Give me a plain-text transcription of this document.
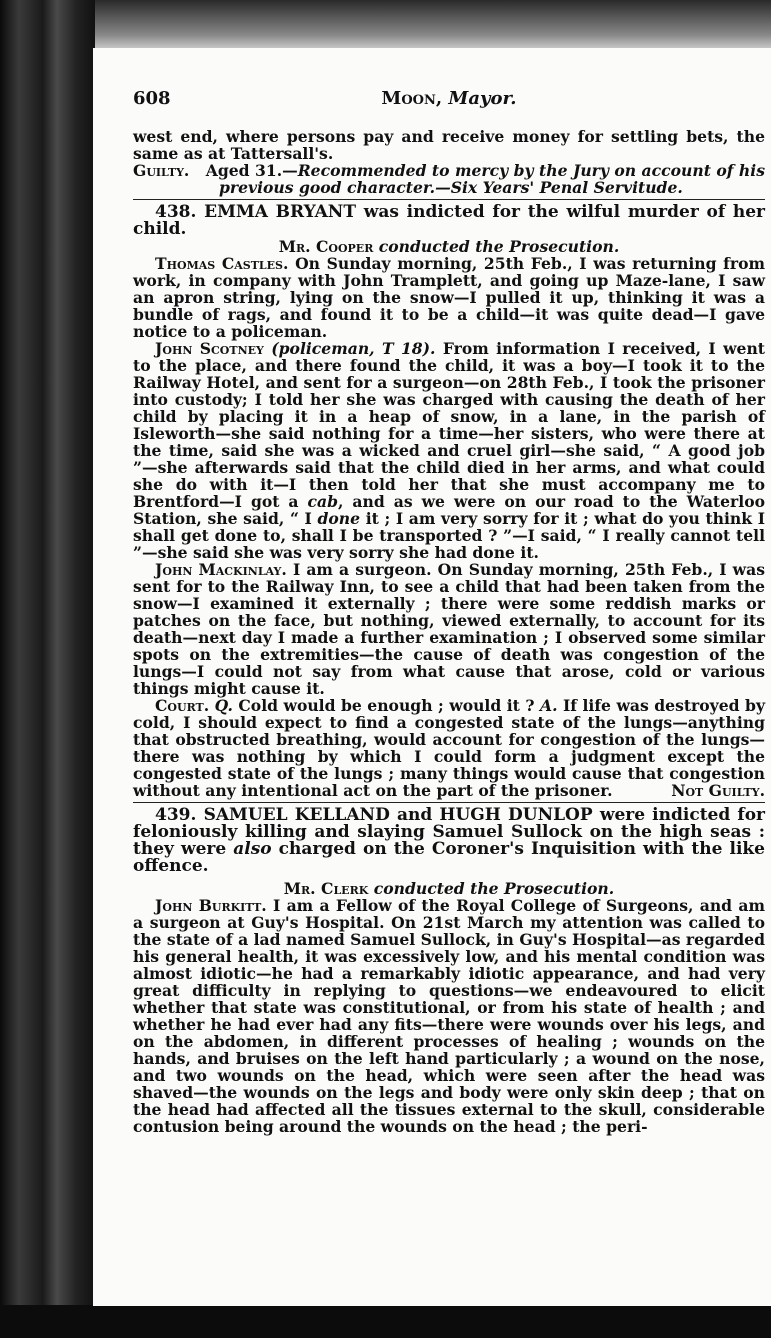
608	Moon, Mayor.

west end, where persons pay and receive money for settling bets, the same as at Tattersall's.

Guilty. Aged 31.—Recommended to mercy by the Jury on account of his previous good character.—Six Years' Penal Servitude.

438. EMMA BRYANT was indicted for the wilful murder of her child.

Mr. Cooper conducted the Prosecution.

Thomas Castles. On Sunday morning, 25th Feb., I was returning from work, in company with John Tramplett, and going up Maze-lane, I saw an apron string, lying on the snow—I pulled it up, thinking it was a bundle of rags, and found it to be a child—it was quite dead—I gave notice to a policeman.

John Scotney (policeman, T 18). From information I received, I went to the place, and there found the child, it was a boy—I took it to the Railway Hotel, and sent for a surgeon—on 28th Feb., I took the prisoner into custody; I told her she was charged with causing the death of her child by placing it in a heap of snow, in a lane, in the parish of Isleworth—she said nothing for a time—her sisters, who were there at the time, said she was a wicked and cruel girl—she said, “ A good job ”—she afterwards said that the child died in her arms, and what could she do with it—I then told her that she must accompany me to Brentford—I got a cab, and as we were on our road to the Waterloo Station, she said, “ I done it ; I am very sorry for it ; what do you think I shall get done to, shall I be transported ? ”—I said, “ I really cannot tell ”—she said she was very sorry she had done it.

John Mackinlay. I am a surgeon. On Sunday morning, 25th Feb., I was sent for to the Railway Inn, to see a child that had been taken from the snow—I examined it externally ; there were some reddish marks or patches on the face, but nothing, viewed externally, to account for its death—next day I made a further examination ; I observed some similar spots on the extremities—the cause of death was congestion of the lungs—I could not say from what cause that arose, cold or various things might cause it.

Court. Q. Cold would be enough ; would it ? A. If life was destroyed by cold, I should expect to find a congested state of the lungs—anything that obstructed breathing, would account for congestion of the lungs—there was nothing by which I could form a judgment except the congested state of the lungs ; many things would cause that congestion without any intentional act on the part of the prisoner.	Not Guilty.

439. SAMUEL KELLAND and HUGH DUNLOP were indicted for feloniously killing and slaying Samuel Sullock on the high seas : they were also charged on the Coroner's Inquisition with the like offence.

Mr. Clerk conducted the Prosecution.

John Burkitt. I am a Fellow of the Royal College of Surgeons, and am a surgeon at Guy's Hospital. On 21st March my attention was called to the state of a lad named Samuel Sullock, in Guy's Hospital—as regarded his general health, it was excessively low, and his mental condition was almost idiotic—he had a remarkably idiotic appearance, and had very great difficulty in replying to questions—we endeavoured to elicit whether that state was constitutional, or from his state of health ; and whether he had ever had any fits—there were wounds over his legs, and on the abdomen, in different processes of healing ; wounds on the hands, and bruises on the left hand particularly ; a wound on the nose, and two wounds on the head, which were seen after the head was shaved—the wounds on the legs and body were only skin deep ; that on the head had affected all the tissues external to the skull, considerable contusion being around the wounds on the head ; the peri-
